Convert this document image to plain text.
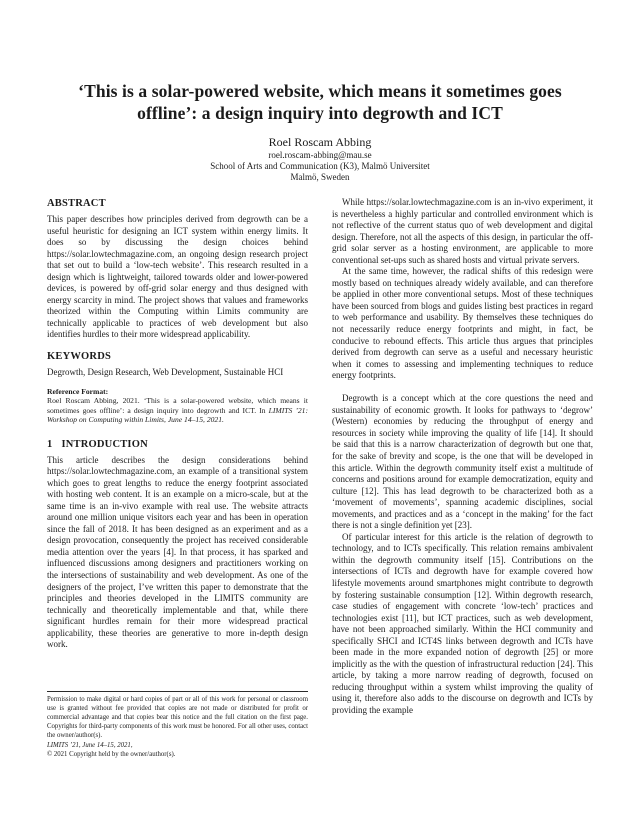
‘This is a solar-powered website, which means it sometimes goes offline’: a design inquiry into degrowth and ICT
Roel Roscam Abbing
roel.roscam-abbing@mau.se
School of Arts and Communication (K3), Malmö Universitet
Malmö, Sweden
ABSTRACT

This paper describes how principles derived from degrowth can be a useful heuristic for designing an ICT system within energy limits. It does so by discussing the design choices behind https://solar.lowtechmagazine.com, an ongoing design research project that set out to build a ‘low-tech website’. This research resulted in a design which is lightweight, tailored towards older and lower-powered devices, is powered by off-grid solar energy and thus designed with energy scarcity in mind. The project shows that values and frameworks theorized within the Computing within Limits community are technically applicable to practices of web development but also identifies hurdles to their more widespread applicability.

KEYWORDS

Degrowth, Design Research, Web Development, Sustainable HCI

Reference Format:
Roel Roscam Abbing, 2021. ‘This is a solar-powered website, which means it sometimes goes offline’: a design inquiry into degrowth and ICT. In LIMITS ’21: Workshop on Computing within Limits, June 14–15, 2021.
1 INTRODUCTION

This article describes the design considerations behind https://solar.lowtechmagazine.com, an example of a transitional system which goes to great lengths to reduce the energy footprint associated with hosting web content. It is an example on a micro-scale, but at the same time is an in-vivo example with real use. The website attracts around one million unique visitors each year and has been in operation since the fall of 2018. It has been designed as an experiment and as a design provocation, consequently the project has received considerable media attention over the years [4]. In that process, it has sparked and influenced discussions among designers and practitioners working on the intersections of sustainability and web development. As one of the designers of the project, I’ve written this paper to demonstrate that the principles and theories developed in the LIMITS community are technically and theoretically implementable and that, while there significant hurdles remain for their more widespread practical applicability, these theories are generative to more in-depth design work.

Permission to make digital or hard copies of part or all of this work for personal or classroom use is granted without fee provided that copies are not made or distributed for profit or commercial advantage and that copies bear this notice and the full citation on the first page. Copyrights for third-party components of this work must be honored. For all other uses, contact the owner/author(s).

LIMITS ’21, June 14–15, 2021,

© 2021 Copyright held by the owner/author(s).

While https://solar.lowtechmagazine.com is an in-vivo experiment, it is nevertheless a highly particular and controlled environment which is not reflective of the current status quo of web development and digital design. Therefore, not all the aspects of this design, in particular the off-grid solar server as a hosting environment, are applicable to more conventional set-ups such as shared hosts and virtual private servers.

At the same time, however, the radical shifts of this redesign were mostly based on techniques already widely available, and can therefore be applied in other more conventional setups. Most of these techniques have been sourced from blogs and guides listing best practices in regard to web performance and usability. By themselves these techniques do not necessarily reduce energy footprints and might, in fact, be conducive to rebound effects. This article thus argues that principles derived from degrowth can serve as a useful and necessary heuristic when it comes to assessing and implementing techniques to reduce energy footprints.

Degrowth is a concept which at the core questions the need and sustainability of economic growth. It looks for pathways to ‘degrow’ (Western) economies by reducing the throughput of energy and resources in society while improving the quality of life [14]. It should be said that this is a narrow characterization of degrowth but one that, for the sake of brevity and scope, is the one that will be developed in this article. Within the degrowth community itself exist a multitude of concerns and positions around for example democratization, equity and culture [12]. This has lead degrowth to be characterized both as a ‘movement of movements’, spanning academic disciplines, social movements, and practices and as a ‘concept in the making’ for the fact there is not a single definition yet [23].

Of particular interest for this article is the relation of degrowth to technology, and to ICTs specifically. This relation remains ambivalent within the degrowth community itself [15]. Contributions on the intersections of ICTs and degrowth have for example covered how lifestyle movements around smartphones might contribute to degrowth by fostering sustainable consumption [12]. Within degrowth research, case studies of engagement with concrete ‘low-tech’ practices and technologies exist [11], but ICT practices, such as web development, have not been approached similarly. Within the HCI community and specifically SHCI and ICT4S links between degrowth and ICTs have been made in the more expanded notion of degrowth [25] or more implicitly as the with the question of infrastructural reduction [24]. This article, by taking a more narrow reading of degrowth, focused on reducing throughput within a system whilst improving the quality of using it, therefore also adds to the discourse on degrowth and ICTs by providing the example
